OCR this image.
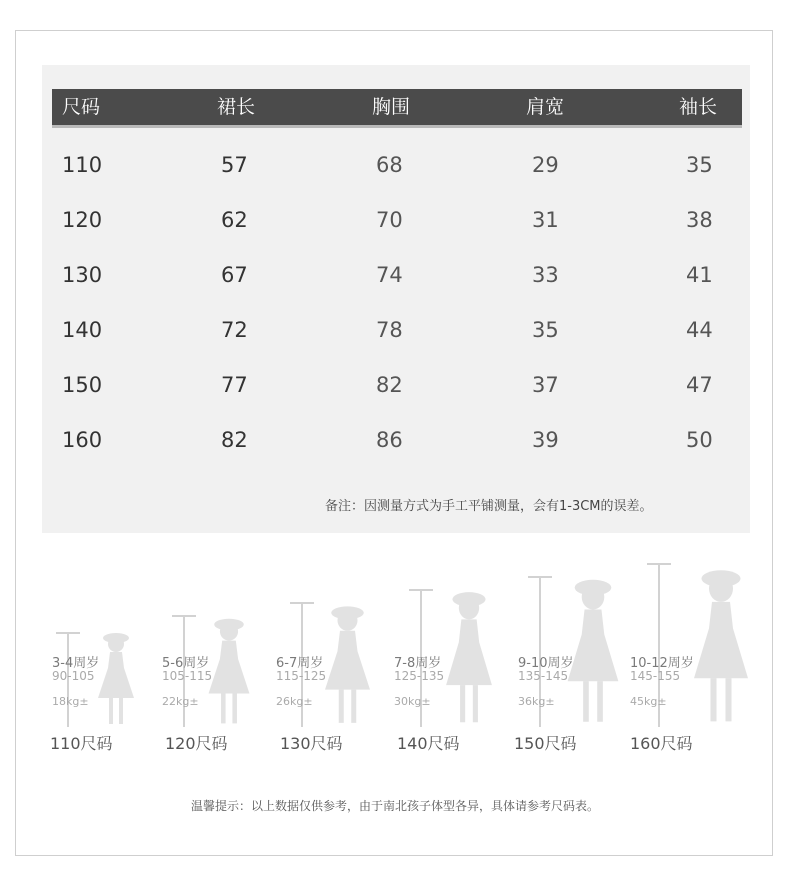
尺码	裙长	胸围	肩宽	袖长
110	57	68	29	35
120	62	70	31	38
130	67	74	33	41
140	72	78	35	44
150	77	82	37	47
160	82	86	39	50
备注：因测量方式为手工平铺测量，会有1-3CM的误差。
3-4周岁
90-105
18kg±
110尺码
5-6周岁
105-115
22kg±
120尺码
6-7周岁
115-125
26kg±
130尺码
7-8周岁
125-135
30kg±
140尺码
9-10周岁
135-145
36kg±
150尺码
10-12周岁
145-155
45kg±
160尺码
温馨提示：以上数据仅供参考，由于南北孩子体型各异，具体请参考尺码表。
